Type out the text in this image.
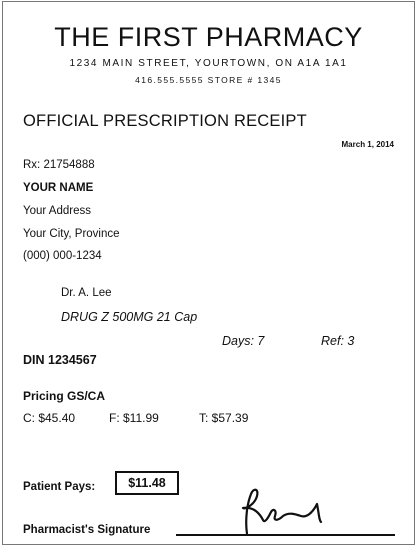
THE FIRST PHARMACY
1234 MAIN STREET, YOURTOWN, ON A1A 1A1
416.555.5555 STORE # 1345
OFFICIAL PRESCRIPTION RECEIPT
March 1, 2014
Rx: 21754888
YOUR NAME
Your Address
Your City, Province
(000) 000-1234
Dr. A. Lee
DRUG Z 500MG 21 Cap
Days: 7	Ref: 3
DIN 1234567
Pricing GS/CA
C: $45.40	F: $11.99	T: $57.39
Patient Pays:	$11.48
Pharmacist's Signature
